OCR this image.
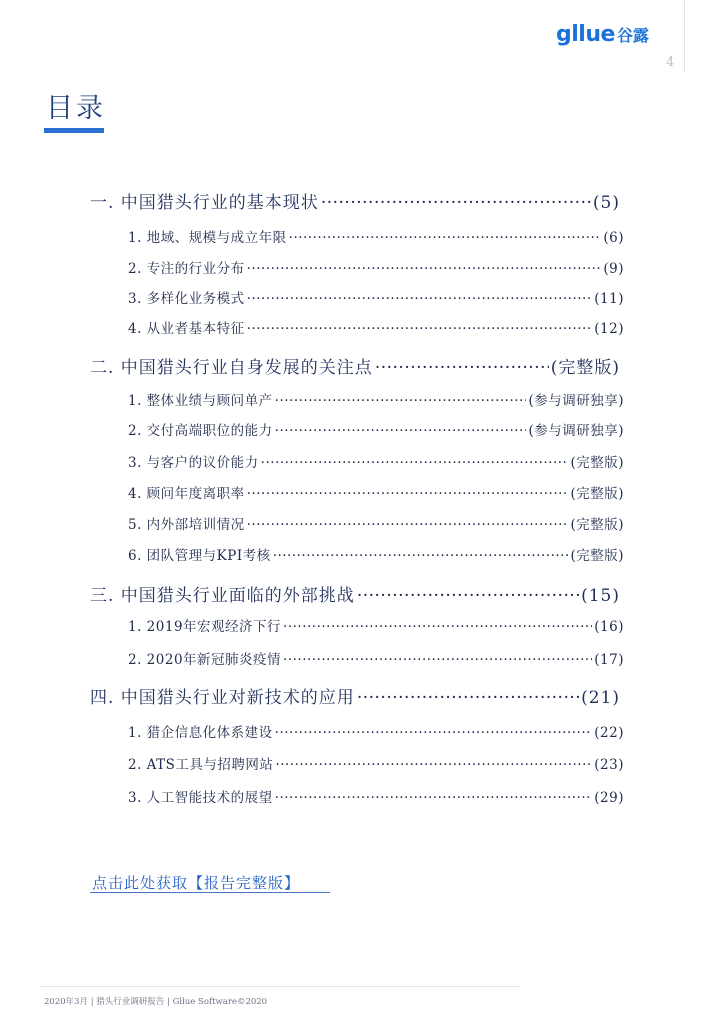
gllue 谷露
4
目录
一. 中国猎头行业的基本现状 ·····	(5)
1. 地域、规模与成立年限 ·····	(6)
2. 专注的行业分布 ·····	(9)
3. 多样化业务模式 ·····	(11)
4. 从业者基本特征 ·····	(12)
二. 中国猎头行业自身发展的关注点 ·····	(完整版)
1. 整体业绩与顾问单产 ·····	(参与调研独享)
2. 交付高端职位的能力 ·····	(参与调研独享)
3. 与客户的议价能力 ·····	(完整版)
4. 顾问年度离职率 ·····	(完整版)
5. 内外部培训情况 ·····	(完整版)
6. 团队管理与KPI考核 ·····	(完整版)
三. 中国猎头行业面临的外部挑战 ·····	(15)
1. 2019年宏观经济下行 ·····	(16)
2. 2020年新冠肺炎疫情 ·····	(17)
四. 中国猎头行业对新技术的应用 ·····	(21)
1. 猎企信息化体系建设 ·····	(22)
2. ATS工具与招聘网站 ·····	(23)
3. 人工智能技术的展望 ·····	(29)
点击此处获取【报告完整版】
2020年3月 | 猎头行业调研报告 | Gllue Software©2020
